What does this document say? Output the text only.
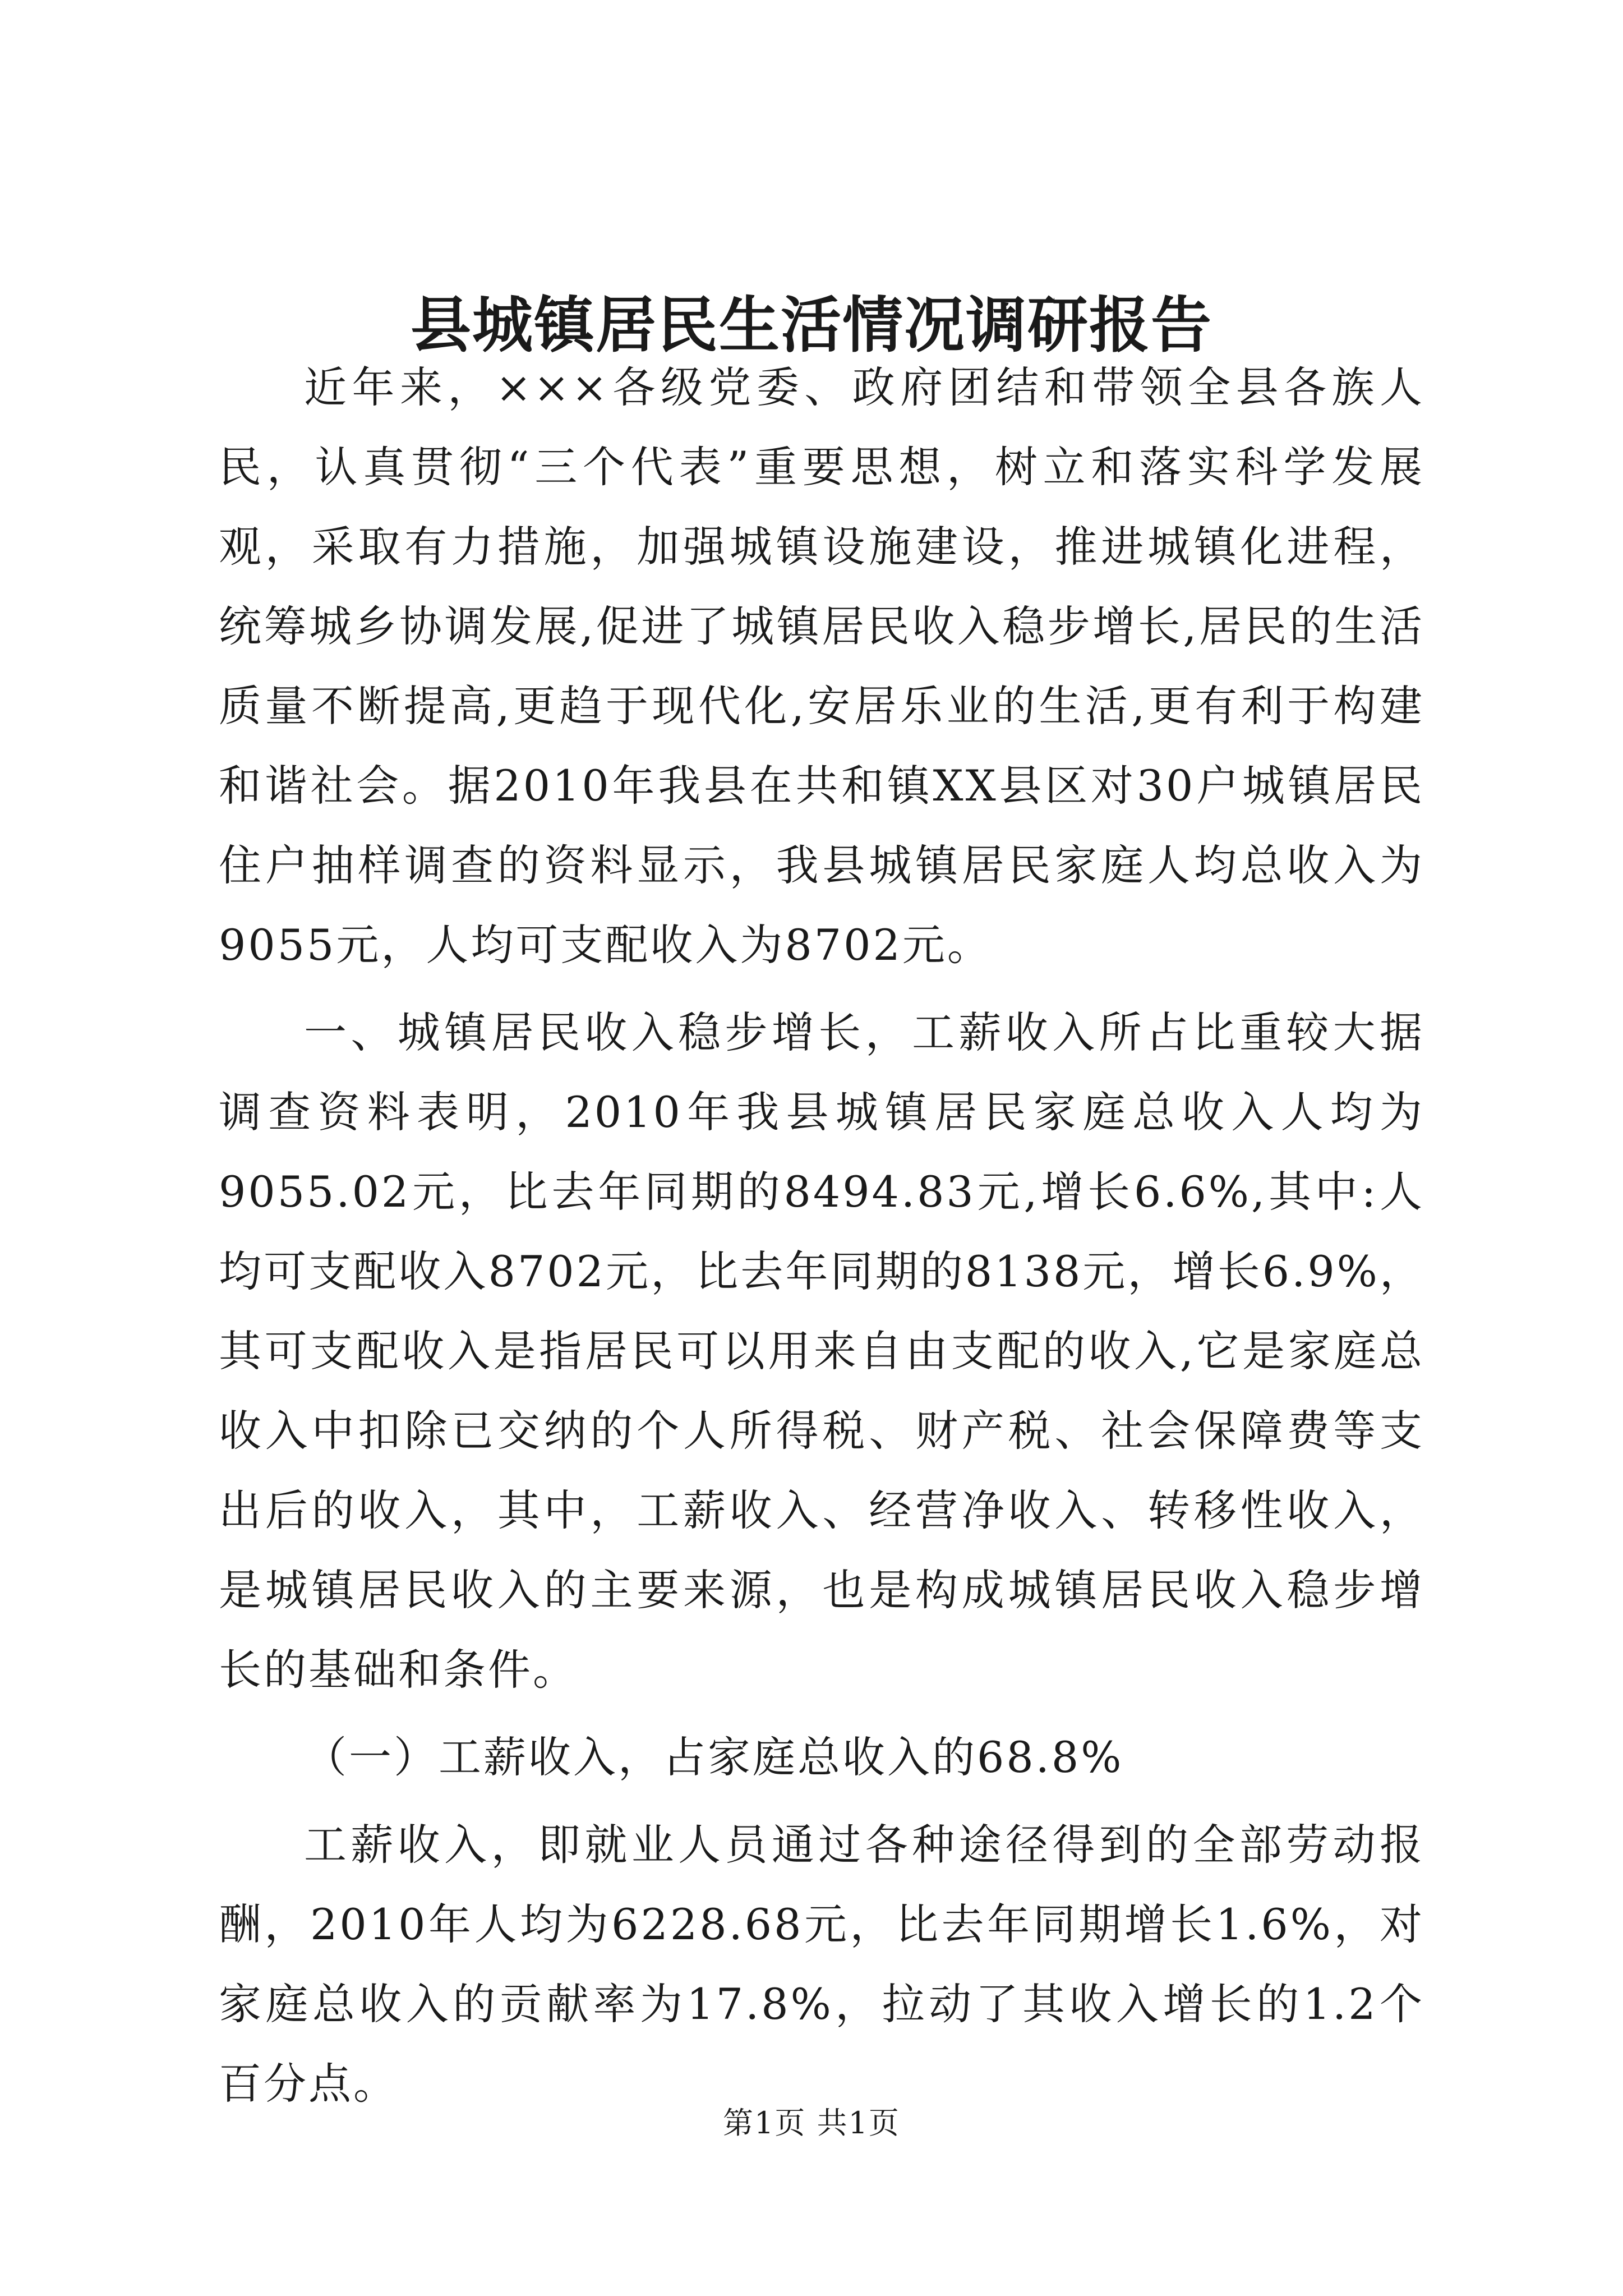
县城镇居民生活情况调研报告

近年来，×××各级党委、政府团结和带领全县各族人民，认真贯彻“三个代表”重要思想，树立和落实科学发展观，采取有力措施，加强城镇设施建设，推进城镇化进程，统筹城乡协调发展,促进了城镇居民收入稳步增长,居民的生活质量不断提高,更趋于现代化,安居乐业的生活,更有利于构建和谐社会。据2010年我县在共和镇XX县区对30户城镇居民住户抽样调查的资料显示，我县城镇居民家庭人均总收入为9055元，人均可支配收入为8702元。

一、城镇居民收入稳步增长，工薪收入所占比重较大据调查资料表明，2010年我县城镇居民家庭总收入人均为9055.02元，比去年同期的8494.83元,增长6.6%,其中:人均可支配收入8702元，比去年同期的8138元，增长6.9%，其可支配收入是指居民可以用来自由支配的收入,它是家庭总收入中扣除已交纳的个人所得税、财产税、社会保障费等支出后的收入，其中，工薪收入、经营净收入、转移性收入，是城镇居民收入的主要来源，也是构成城镇居民收入稳步增长的基础和条件。

（一）工薪收入，占家庭总收入的68.8%

工薪收入，即就业人员通过各种途径得到的全部劳动报酬，2010年人均为6228.68元，比去年同期增长1.6%，对家庭总收入的贡献率为17.8%，拉动了其收入增长的1.2个百分点。

第1页 共1页
